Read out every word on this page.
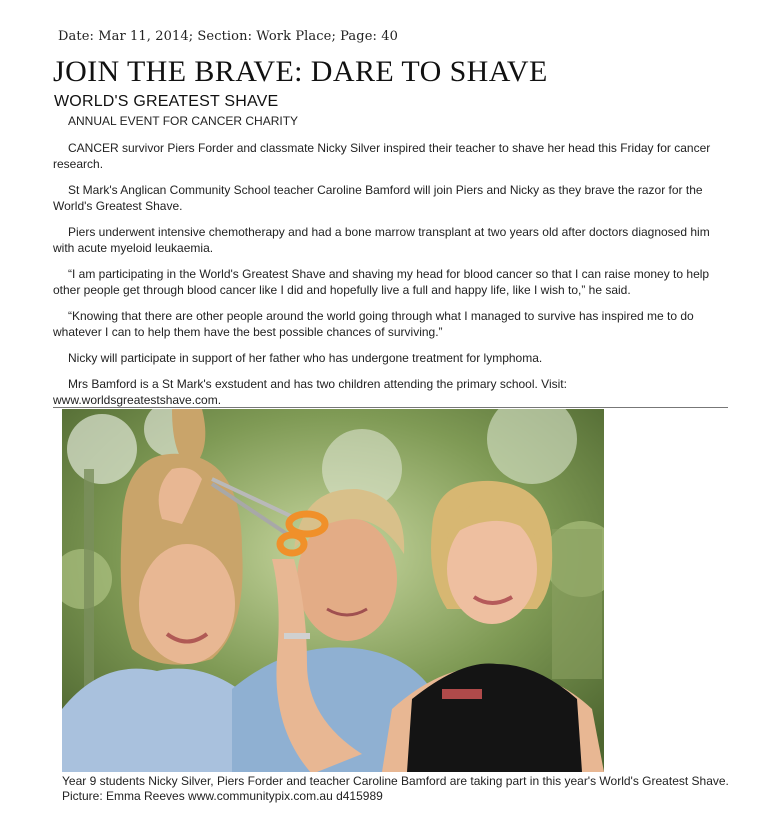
Date: Mar 11, 2014; Section: Work Place; Page: 40
JOIN THE BRAVE: DARE TO SHAVE
WORLD'S GREATEST SHAVE
ANNUAL EVENT FOR CANCER CHARITY

CANCER survivor Piers Forder and classmate Nicky Silver inspired their teacher to shave her head this Friday for cancer research.

St Mark's Anglican Community School teacher Caroline Bamford will join Piers and Nicky as they brave the razor for the World's Greatest Shave.

Piers underwent intensive chemotherapy and had a bone marrow transplant at two years old after doctors diagnosed him with acute myeloid leukaemia.

“I am participating in the World's Greatest Shave and shaving my head for blood cancer so that I can raise money to help other people get through blood cancer like I did and hopefully live a full and happy life, like I wish to,” he said.

“Knowing that there are other people around the world going through what I managed to survive has inspired me to do whatever I can to help them have the best possible chances of surviving.”

Nicky will participate in support of her father who has undergone treatment for lymphoma.

Mrs Bamford is a St Mark's exstudent and has two children attending the primary school. Visit: www.worldsgreatestshave.com.

Year 9 students Nicky Silver, Piers Forder and teacher Caroline Bamford are taking part in this year's World's Greatest Shave. Picture: Emma Reeves www.communitypix.com.au d415989
